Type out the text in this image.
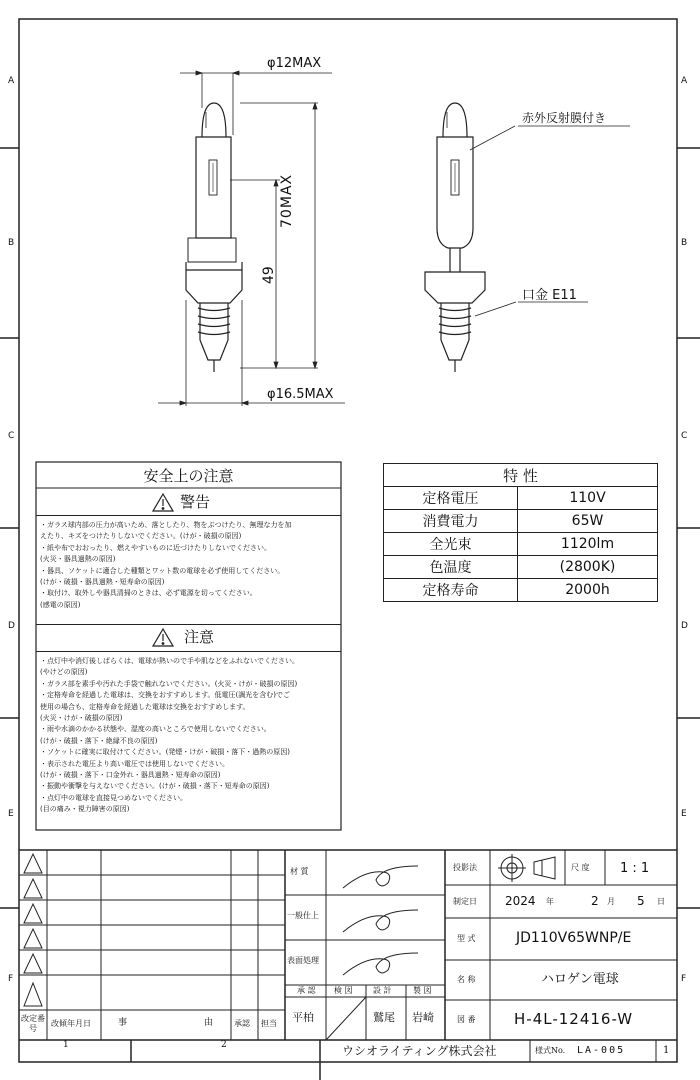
A
B
C
D
E
F
A
B
C
D
E
F
1	2
φ12MAX
φ16.5MAX
70MAX
49
赤外反射膜付き
口金 E11
安全上の注意
警告
・ガラス球内部の圧力が高いため、落としたり、物をぶつけたり、無理な力を加
えたり、キズをつけたりしないでください。(けが・破損の原因)
・紙や布でおおったり、燃えやすいものに近づけたりしないでください。
(火災・器具過熱の原因)
・器具、ソケットに適合した種類とワット数の電球を必ず使用してください。
(けが・破損・器具過熱・短寿命の原因)
・取付け、取外しや器具清掃のときは、必ず電源を切ってください。
(感電の原因)
注意
・点灯中や消灯後しばらくは、電球が熱いので手や肌などをふれないでください。
(やけどの原因)
・ガラス部を素手や汚れた手袋で触れないでください。(火災・けが・破損の原因)
・定格寿命を経過した電球は、交換をおすすめします。低電圧(調光を含む)でご
使用の場合も、定格寿命を経過した電球は交換をおすすめします。
(火災・けが・破損の原因)
・雨や水滴のかかる状態や、湿度の高いところで使用しないでください。
(けが・破損・落下・絶縁不良の原因)
・ソケットに確実に取付けてください。(発煙・けが・破損・落下・過熱の原因)
・表示された電圧より高い電圧では使用しないでください。
(けが・破損・落下・口金外れ・器具過熱・短寿命の原因)
・振動や衝撃を与えないでください。(けが・破損・落下・短寿命の原因)
・点灯中の電球を直接見つめないでください。
(目の痛み・視力障害の原因)
特 性	
定格電圧	110V
消費電力	65W
全光束	1120lm
色温度	(2800K)
定格寿命	2000h
改定番号
改傾年月日	事	由	承認 担当
材 質
一般仕上
表面処理
承 認 検 図	設 計	製 図
平柏	鷲尾 岩崎
投影法	尺 度 1 : 1
制定日 2024 年	2 月 5 日
型 式	JD110V65WNP/E
名 称	ハロゲン電球
図 番	H-4L-12416-W
ウシオライティング株式会社	様式No. LA-005	1
